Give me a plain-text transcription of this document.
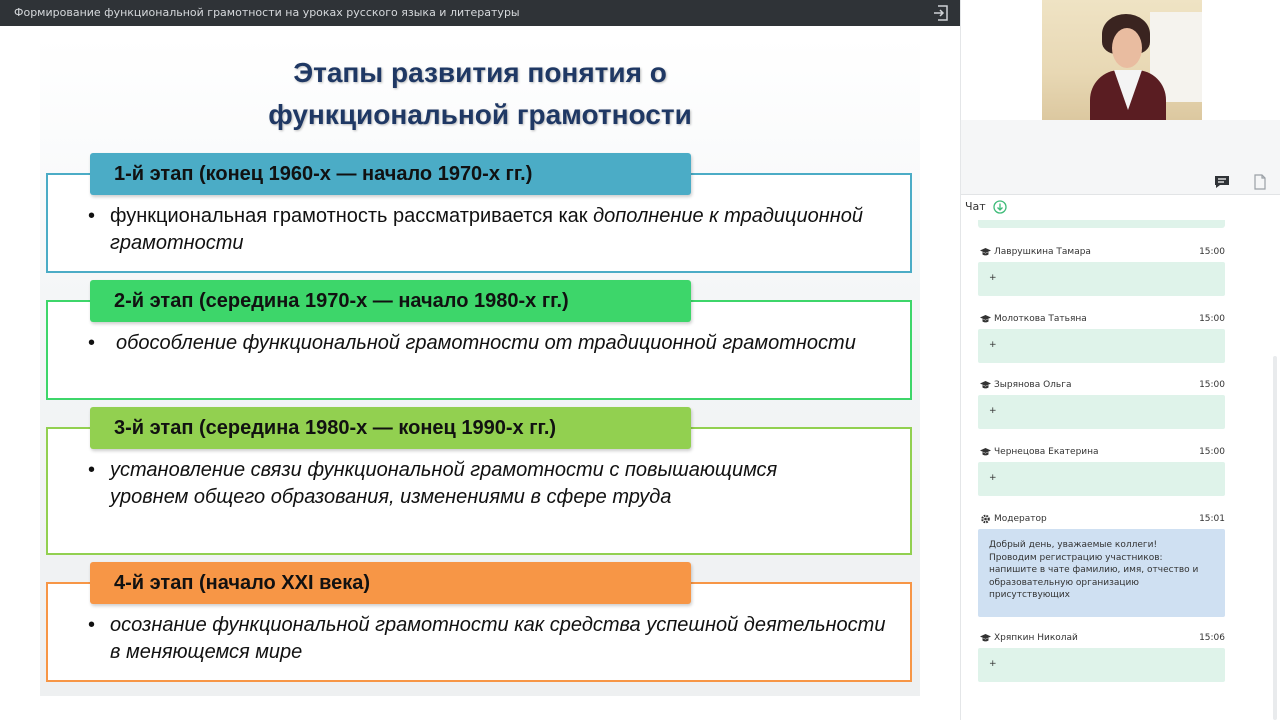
Формирование функциональной грамотности на уроках русского языка и литературы
Этапы развития понятия о
функциональной грамотности
1-й этап (конец 1960-х — начало 1970-х гг.)
• функциональная грамотность рассматривается как дополнение к традиционной грамотности
2-й этап (середина 1970-х — начало 1980-х гг.)
• обособление функциональной грамотности от традиционной грамотности
3-й этап (середина 1980-х — конец 1990-х гг.)
• установление связи функциональной грамотности с повышающимся уровнем общего образования, изменениями в сфере труда
4-й этап (начало XXI века)
• осознание функциональной грамотности как средства успешной деятельности в меняющемся мире
Чат
Лаврушкина Тамара	15:00
+
Молоткова Татьяна	15:00
+
Зырянова Ольга	15:00
+
Чернецова Екатерина	15:00
+
Модератор	15:01
Добрый день, уважаемые коллеги!
Проводим регистрацию участников:
напишите в чате фамилию, имя, отчество и
образовательную организацию
присутствующих
Хряпкин Николай	15:06
+
